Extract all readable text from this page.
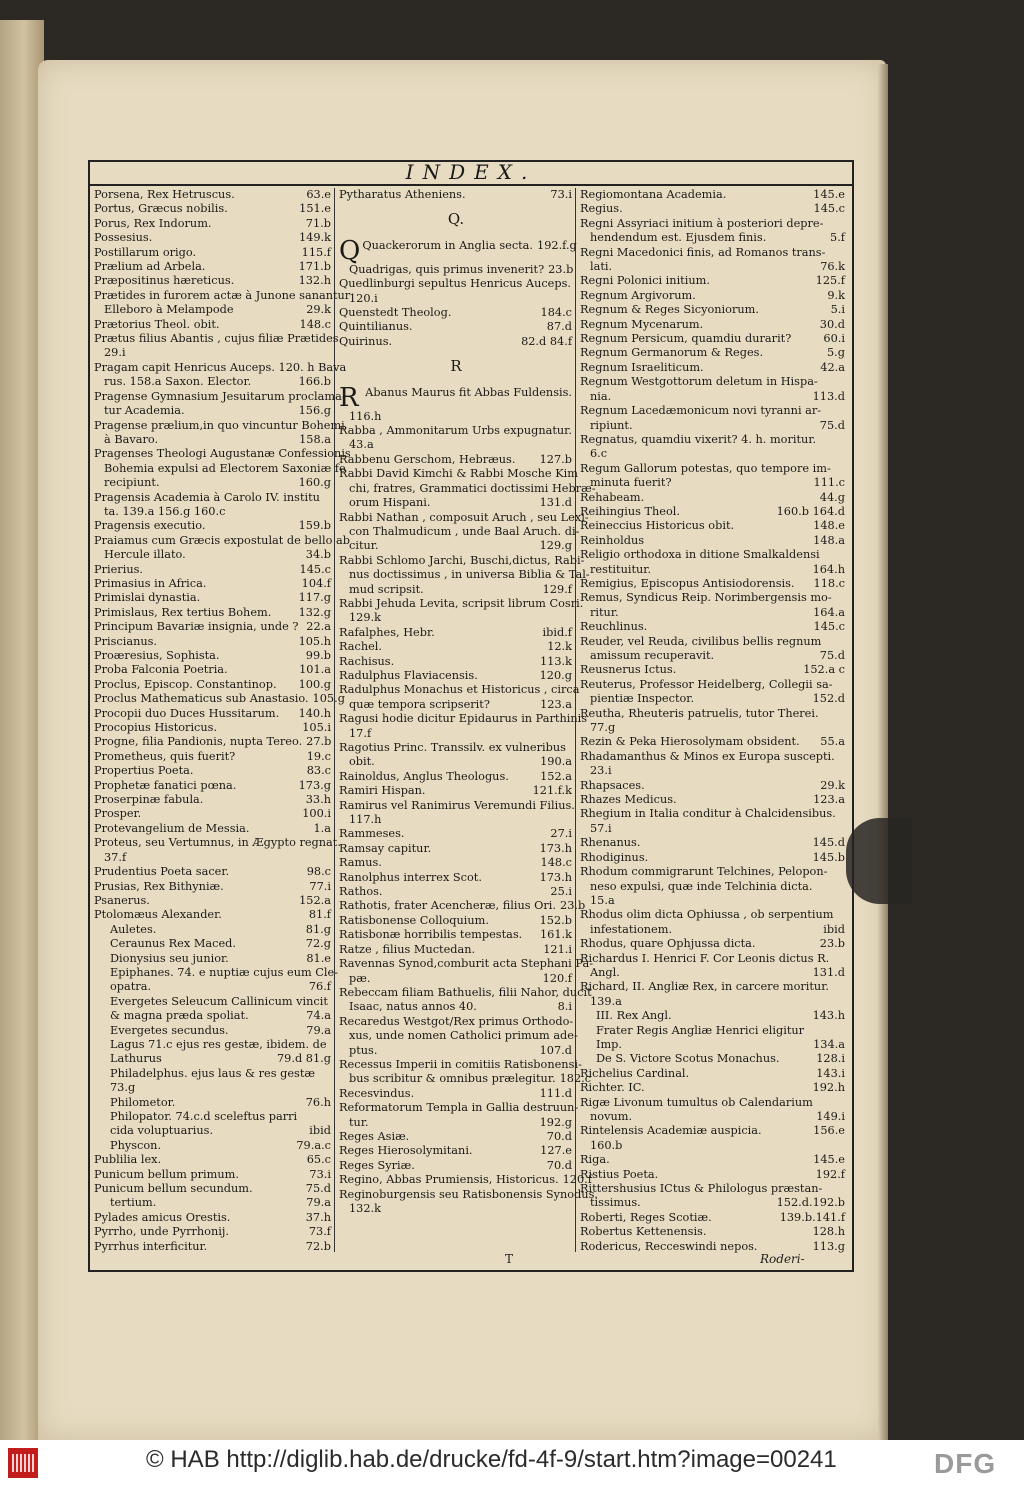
INDEX.
Porsena, Rex Hetruscus.	63.e
Portus, Græcus nobilis.	151.e
Porus, Rex Indorum.	71.b
Possesius.	149.k
Postillarum origo.	115.f
Prælium ad Arbela.	171.b
Præpositinus hæreticus.	132.h
Prætides in furorem actæ à Junone sanantur
Elleboro à Melampode	29.k
Prætorius Theol. obit.	148.c
Prætus filius Abantis , cujus filiæ Prætides.
29.i
Pragam capit Henricus Auceps. 120. h Bava
rus. 158.a Saxon. Elector.	166.b
Pragense Gymnasium Jesuitarum proclama-
tur Academia.	156.g
Pragense prælium,in quo vincuntur Bohemi
à Bavaro.	158.a
Pragenses Theologi Augustanæ Confessionis
Bohemia expulsi ad Electorem Saxoniæ fe
recipiunt.	160.g
Pragensis Academia à Carolo IV. institu
ta. 139.a 156.g 160.c
Pragensis executio.	159.b
Praiamus cum Græcis expostulat de bello ab
Hercule illato.	34.b
Prierius.	145.c
Primasius in Africa.	104.f
Primislai dynastia.	117.g
Primislaus, Rex tertius Bohem.	132.g
Principum Bavariæ insignia, unde ? 22.a
Priscianus.	105.h
Proæresius, Sophista.	99.b
Proba Falconia Poetria.	101.a
Proclus, Episcop. Constantinop.	100.g
Proclus Mathematicus sub Anastasio. 105.g
Procopii duo Duces Hussitarum.	140.h
Procopius Historicus.	105.i
Progne, filia Pandionis, nupta Tereo. 27.b
Prometheus, quis fuerit?	19.c
Propertius Poeta.	83.c
Prophetæ fanatici pœna.	173.g
Proserpinæ fabula.	33.h
Prosper.	100.i
Protevangelium de Messia.	1.a
Proteus, seu Vertumnus, in Ægypto regnat.
37.f
Prudentius Poeta sacer.	98.c
Prusias, Rex Bithyniæ.	77.i
Psanerus.	152.a
Ptolomæus Alexander.	81.f
Auletes.	81.g
Ceraunus Rex Maced.	72.g
Dionysius seu junior.	81.e
Epiphanes. 74. e nuptiæ cujus eum Cle-
opatra.	76.f
Evergetes Seleucum Callinicum vincit
& magna præda spoliat.	74.a
Evergetes secundus.	79.a
Lagus 71.c ejus res gestæ, ibidem. de
Lathurus	79.d 81.g
Philadelphus. ejus laus & res gestæ
73.g
Philometor.	76.h
Philopator. 74.c.d sceleftus parri
cida voluptuarius.	ibid
Physcon.	79.a.c
Publilia lex.	65.c
Punicum bellum primum.	73.i
Punicum bellum secundum.	75.d
tertium.	79.a
Pylades amicus Orestis.	37.h
Pyrrho, unde Pyrrhonij.	73.f
Pyrrhus interficitur.	72.b
Pytharatus Atheniens.	73.i
Q.
Q Quackerorum in Anglia secta. 192.f.g
Quadrigas, quis primus invenerit? 23.b
Quedlinburgi sepultus Henricus Auceps.
120.i
Quenstedt Theolog.	184.c
Quintilianus.	87.d
Quirinus.	82.d 84.f
R
R Abanus Maurus fit Abbas Fuldensis.
116.h
Rabba , Ammonitarum Urbs expugnatur.
43.a
Rabbenu Gerschom, Hebræus.	127.b
Rabbi David Kimchi & Rabbi Mosche Kim
chi, fratres, Grammatici doctissimi Hebræ-
orum Hispani.	131.d
Rabbi Nathan , composuit Aruch , seu Lexi-
con Thalmudicum , unde Baal Aruch. di-
citur.	129.g
Rabbi Schlomo Jarchi, Buschi,dictus, Rabi-
nus doctissimus , in universa Biblia & Tal-
mud scripsit.	129.f
Rabbi Jehuda Levita, scripsit librum Cosri.
129.k
Rafalphes, Hebr.	ibid.f
Rachel.	12.k
Rachisus.	113.k
Radulphus Flaviacensis.	120.g
Radulphus Monachus et Historicus , circa
quæ tempora scripserit?	123.a
Ragusi hodie dicitur Epidaurus in Parthinis
17.f
Ragotius Princ. Transsilv. ex vulneribus
obit.	190.a
Rainoldus, Anglus Theologus.	152.a
Ramiri Hispan.	121.f.k
Ramirus vel Ranimirus Veremundi Filius.
117.h
Rammeses.	27.i
Ramsay capitur.	173.h
Ramus.	148.c
Ranolphus interrex Scot.	173.h
Rathos.	25.i
Rathotis, frater Acencheræ, filius Ori. 23.b
Ratisbonense Colloquium.	152.b
Ratisbonæ horribilis tempestas.	161.k
Ratze , filius Muctedan.	121.i
Ravennas Synod,comburit acta Stephani Pa-
pæ.	120.f
Rebeccam filiam Bathuelis, filii Nahor, ducit
Isaac, natus annos 40.	8.i
Recaredus Westgot/Rex primus Orthodo-
xus, unde nomen Catholici primum ade-
ptus.	107.d
Recessus Imperii in comitiis Ratisbonensi-
bus scribitur & omnibus prælegitur. 182.c
Recesvindus.	111.d
Reformatorum Templa in Gallia destruun-
tur.	192.g
Reges Asiæ.	70.d
Reges Hierosolymitani.	127.e
Reges Syriæ.	70.d
Regino, Abbas Prumiensis, Historicus. 120.f
Reginoburgensis seu Ratisbonensis Synodus.
132.k
Regiomontana Academia.	145.e
Regius.	145.c
Regni Assyriaci initium à posteriori depre-
hendendum est. Ejusdem finis.	5.f
Regni Macedonici finis, ad Romanos trans-
lati.	76.k
Regni Polonici initium.	125.f
Regnum Argivorum.	9.k
Regnum & Reges Sicyoniorum.	5.i
Regnum Mycenarum.	30.d
Regnum Persicum, quamdiu durarit?	60.i
Regnum Germanorum & Reges.	5.g
Regnum Israeliticum.	42.a
Regnum Westgottorum deletum in Hispa-
nia.	113.d
Regnum Lacedæmonicum novi tyranni ar-
ripiunt.	75.d
Regnatus, quamdiu vixerit? 4. h. moritur.
6.c
Regum Gallorum potestas, quo tempore im-
minuta fuerit?	111.c
Rehabeam.	44.g
Reihingius Theol.	160.b 164.d
Reineccius Historicus obit.	148.e
Reinholdus	148.a
Religio orthodoxa in ditione Smalkaldensi
restituitur.	164.h
Remigius, Episcopus Antisiodorensis.	118.c
Remus, Syndicus Reip. Norimbergensis mo-
ritur.	164.a
Reuchlinus.	145.c
Reuder, vel Reuda, civilibus bellis regnum
amissum recuperavit.	75.d
Reusnerus Ictus.	152.a c
Reuterus, Professor Heidelberg, Collegii sa-
pientiæ Inspector.	152.d
Reutha, Rheuteris patruelis, tutor Therei.
77.g
Rezin & Peka Hierosolymam obsident.	55.a
Rhadamanthus & Minos ex Europa suscepti.
23.i
Rhapsaces.	29.k
Rhazes Medicus.	123.a
Rhegium in Italia conditur à Chalcidensibus.
57.i
Rhenanus.	145.d
Rhodiginus.	145.b
Rhodum commigrarunt Telchines, Pelopon-
neso expulsi, quæ inde Telchinia dicta.
15.a
Rhodus olim dicta Ophiussa , ob serpentium
infestationem.	ibid
Rhodus, quare Ophjussa dicta.	23.b
Richardus I. Henrici F. Cor Leonis dictus R.
Angl.	131.d
Richard, II. Angliæ Rex, in carcere moritur.
139.a
III. Rex Angl.	143.h
Frater Regis Angliæ Henrici eligitur
Imp.	134.a
De S. Victore Scotus Monachus.	128.i
Richelius Cardinal.	143.i
Richter. IC.	192.h
Rigæ Livonum tumultus ob Calendarium
novum.	149.i
Rintelensis Academiæ auspicia.	156.e
160.b
Riga.	145.e
Ristius Poeta.	192.f
Rittershusius ICtus & Philologus præstan-
tissimus.	152.d.192.b
Roberti, Reges Scotiæ.	139.b.141.f
Robertus Kettenensis.	128.h
Rodericus, Recceswindi nepos.	113.g
T	Roderi-
© HAB http://diglib.hab.de/drucke/fd-4f-9/start.htm?image=00241	DFG
